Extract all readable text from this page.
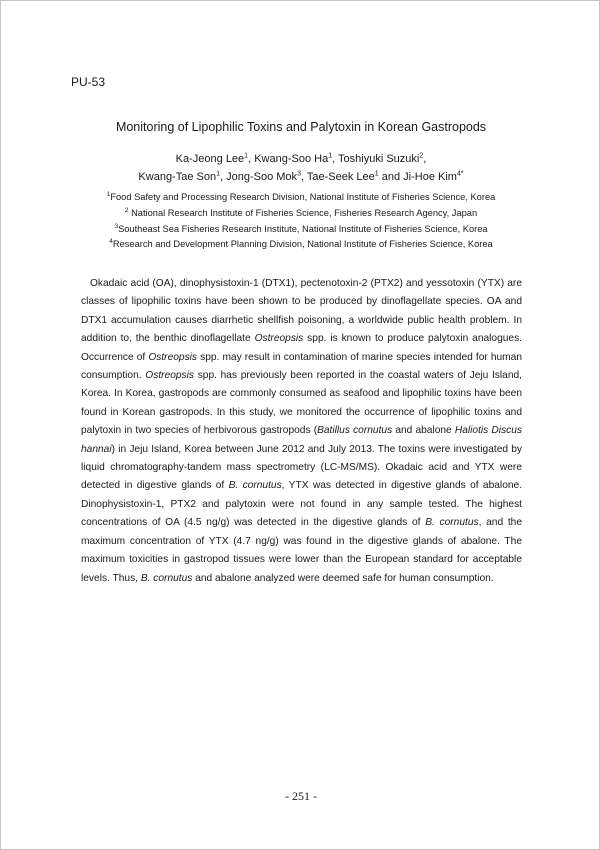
PU-53
Monitoring of Lipophilic Toxins and Palytoxin in Korean Gastropods
Ka-Jeong Lee$^1$, Kwang-Soo Ha$^1$, Toshiyuki Suzuki$^2$,
Kwang-Tae Son$^1$, Jong-Soo Mok$^3$, Tae-Seek Lee$^1$ and Ji-Hoe Kim$^{4*}$
$^1$Food Safety and Processing Research Division, National Institute of Fisheries Science, Korea
$^2$ National Research Institute of Fisheries Science, Fisheries Research Agency, Japan
$^3$Southeast Sea Fisheries Research Institute, National Institute of Fisheries Science, Korea
$^4$Research and Development Planning Division, National Institute of Fisheries Science, Korea
Okadaic acid (OA), dinophysistoxin-1 (DTX1), pectenotoxin-2 (PTX2) and yessotoxin (YTX) are classes of lipophilic toxins have been shown to be produced by dinoflagellate species. OA and DTX1 accumulation causes diarrhetic shellfish poisoning, a worldwide public health problem. In addition to, the benthic dinoflagellate Ostreopsis spp. is known to produce palytoxin analogues. Occurrence of Ostreopsis spp. may result in contamination of marine species intended for human consumption. Ostreopsis spp. has previously been reported in the coastal waters of Jeju Island, Korea. In Korea, gastropods are commonly consumed as seafood and lipophilic toxins have been found in Korean gastropods. In this study, we monitored the occurrence of lipophilic toxins and palytoxin in two species of herbivorous gastropods (Batillus cornutus and abalone Haliotis Discus hannai) in Jeju Island, Korea between June 2012 and July 2013. The toxins were investigated by liquid chromatography-tandem mass spectrometry (LC-MS/MS). Okadaic acid and YTX were detected in digestive glands of B. cornutus, YTX was detected in digestive glands of abalone. Dinophysistoxin-1, PTX2 and palytoxin were not found in any sample tested. The highest concentrations of OA (4.5 ng/g) was detected in the digestive glands of B. cornutus, and the maximum concentration of YTX (4.7 ng/g) was found in the digestive glands of abalone. The maximum toxicities in gastropod tissues were lower than the European standard for acceptable levels. Thus, B. cornutus and abalone analyzed were deemed safe for human consumption.
- 251 -
